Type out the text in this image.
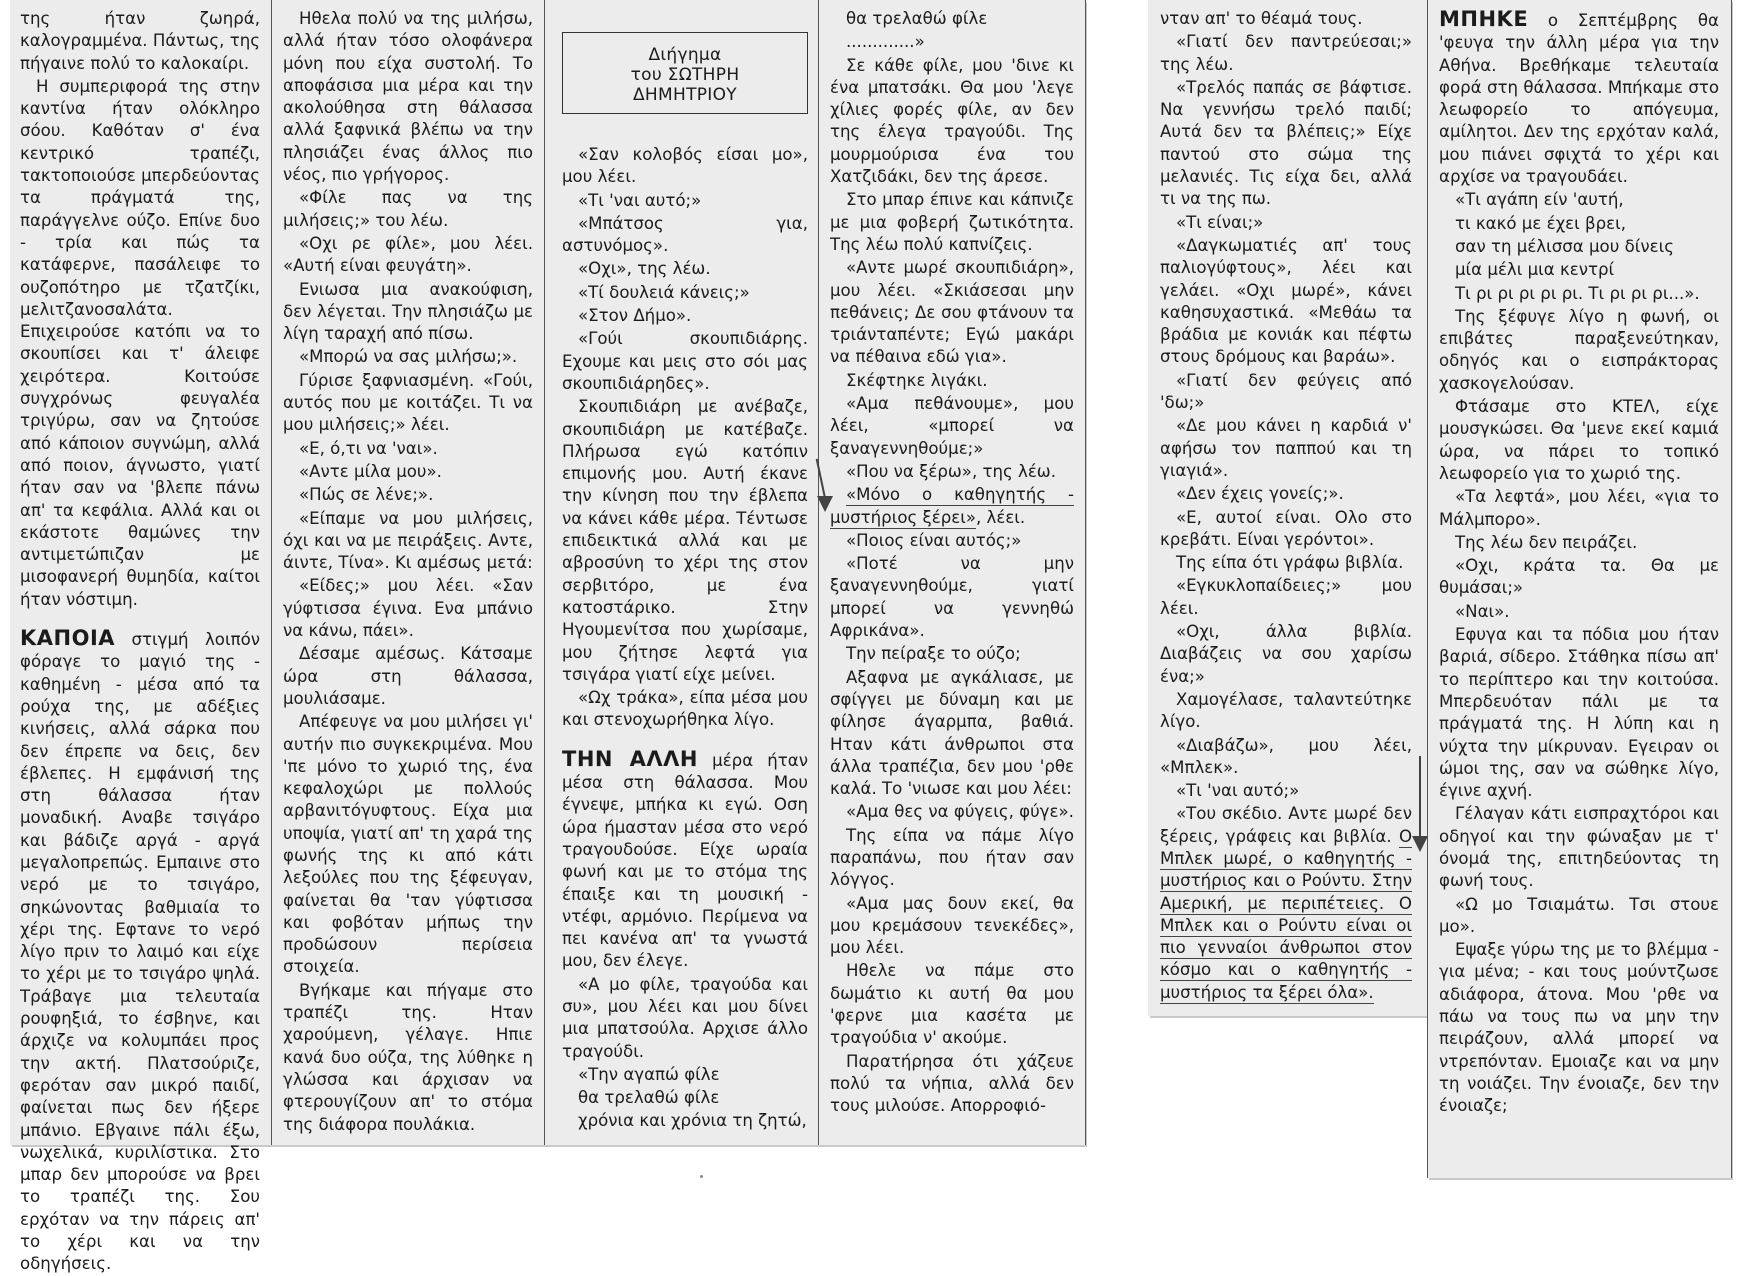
της ήταν ζωηρά, καλογραμμένα. Πάντως, της πήγαινε πολύ το καλοκαίρι.

Η συμπεριφορά της στην καντίνα ήταν ολόκληρο σόου. Καθόταν σ' ένα κεντρικό τραπέζι, τακτοποιούσε μπερδεύοντας τα πράγματά της, παράγγελνε ούζο. Επίνε δυο - τρία και πώς τα κατάφερνε, πασάλειφε το ουζοπότηρο με τζατζίκι, μελιτζανοσαλάτα. Επιχειρούσε κατόπι να το σκουπίσει και τ' άλειφε χειρότερα. Κοιτούσε συγχρόνως φευγαλέα τριγύρω, σαν να ζητούσε από κάποιον συγνώμη, αλλά από ποιον, άγνωστο, γιατί ήταν σαν να 'βλεπε πάνω απ' τα κεφάλια. Αλλά και οι εκάστοτε θαμώνες την αντιμετώπιζαν με μισοφανερή θυμηδία, καίτοι ήταν νόστιμη.

ΚΑΠΟΙΑ στιγμή λοιπόν φόραγε το μαγιό της - καθημένη - μέσα από τα ρούχα της, με αδέξιες κινήσεις, αλλά σάρκα που δεν έπρεπε να δεις, δεν έβλεπες. Η εμφάνισή της στη θάλασσα ήταν μοναδική. Αναβε τσιγάρο και βάδιζε αργά - αργά μεγαλοπρεπώς. Εμπαινε στο νερό με το τσιγάρο, σηκώνοντας βαθμιαία το χέρι της. Εφτανε το νερό λίγο πριν το λαιμό και είχε το χέρι με το τσιγάρο ψηλά. Τράβαγε μια τελευταία ρουφηξιά, το έσβηνε, και άρχιζε να κολυμπάει προς την ακτή. Πλατσούριζε, φερόταν σαν μικρό παιδί, φαίνεται πως δεν ήξερε μπάνιο. Εβγαινε πάλι έξω, νωχελικά, κυριλίστικα. Στο μπαρ δεν μπορούσε να βρει το τραπέζι της. Σου ερχόταν να την πάρεις απ' το χέρι και να την οδηγήσεις.

Ηθελα πολύ να της μιλήσω, αλλά ήταν τόσο ολοφάνερα μόνη που είχα συστολή. Το αποφάσισα μια μέρα και την ακολούθησα στη θάλασσα αλλά ξαφνικά βλέπω να την πλησιάζει ένας άλλος πιο νέος, πιο γρήγορος.

«Φίλε πας να της μιλήσεις;» του λέω.

«Οχι ρε φίλε», μου λέει. «Αυτή είναι φευγάτη».

Ενιωσα μια ανακούφιση, δεν λέγεται. Την πλησιάζω με λίγη ταραχή από πίσω.

«Μπορώ να σας μιλήσω;».

Γύρισε ξαφνιασμένη. «Γούι, αυτός που με κοιτάζει. Τι να μου μιλήσεις;» λέει.

«Ε, ό,τι να 'ναι».

«Αντε μίλα μου».

«Πώς σε λένε;».

«Είπαμε να μου μιλήσεις, όχι και να με πειράξεις. Αντε, άιντε, Τίνα». Κι αμέσως μετά:

«Είδες;» μου λέει. «Σαν γύφτισσα έγινα. Ενα μπάνιο να κάνω, πάει».

Δέσαμε αμέσως. Κάτσαμε ώρα στη θάλασσα, μουλιάσαμε.

Απέφευγε να μου μιλήσει γι' αυτήν πιο συγκεκριμένα. Μου 'πε μόνο το χωριό της, ένα κεφαλοχώρι με πολλούς αρβανιτόγυφτους. Είχα μια υποψία, γιατί απ' τη χαρά της φωνής της κι από κάτι λεξούλες που της ξέφευγαν, φαίνεται θα 'ταν γύφτισσα και φοβόταν μήπως την προδώσουν περίσεια στοιχεία.

Βγήκαμε και πήγαμε στο τραπέζι της. Ηταν χαρούμενη, γέλαγε. Ηπιε κανά δυο ούζα, της λύθηκε η γλώσσα και άρχισαν να φτερουγίζουν απ' το στόμα της διάφορα πουλάκια.

Διήγημα
του ΣΩΤΗΡΗ
ΔΗΜΗΤΡΙΟΥ

«Σαν κολοβός είσαι μο», μου λέει.

«Τι 'ναι αυτό;»

«Μπάτσος για, αστυνόμος».

«Οχι», της λέω.

«Τί δουλειά κάνεις;»

«Στον Δήμο».

«Γούι σκουπιδιάρης. Εχουμε και μεις στο σόι μας σκουπιδιάρηδες».

Σκουπιδιάρη με ανέβαζε, σκουπιδιάρη με κατέβαζε. Πλήρωσα εγώ κατόπιν επιμονής μου. Αυτή έκανε την κίνηση που την έβλεπα να κάνει κάθε μέρα. Τέντωσε επιδεικτικά αλλά και με αβροσύνη το χέρι της στον σερβιτόρο, με ένα κατοστάρικο. Στην Ηγουμενίτσα που χωρίσαμε, μου ζήτησε λεφτά για τσιγάρα γιατί είχε μείνει.

«Ωχ τράκα», είπα μέσα μου και στενοχωρήθηκα λίγο.

ΤΗΝ ΑΛΛΗ μέρα ήταν μέσα στη θάλασσα. Μου έγνεψε, μπήκα κι εγώ. Οση ώρα ήμασταν μέσα στο νερό τραγουδούσε. Είχε ωραία φωνή και με το στόμα της έπαιξε και τη μουσική - ντέφι, αρμόνιο. Περίμενα να πει κανένα απ' τα γνωστά μου, δεν έλεγε.

«Α μο φίλε, τραγούδα και συ», μου λέει και μου δίνει μια μπατσούλα. Αρχισε άλλο τραγούδι.

«Την αγαπώ φίλε

θα τρελαθώ φίλε

χρόνια και χρόνια τη ζητώ,

θα τρελαθώ φίλε

.............»

Σε κάθε φίλε, μου 'δινε κι ένα μπατσάκι. Θα μου 'λεγε χίλιες φορές φίλε, αν δεν της έλεγα τραγούδι. Της μουρμούρισα ένα του Χατζιδάκι, δεν της άρεσε.

Στο μπαρ έπινε και κάπνιζε με μια φοβερή ζωτικότητα. Της λέω πολύ καπνίζεις.

«Αντε μωρέ σκουπιδιάρη», μου λέει. «Σκιάσεσαι μην πεθάνεις; Δε σου φτάνουν τα τριάνταπέντε; Εγώ μακάρι να πέθαινα εδώ για».

Σκέφτηκε λιγάκι.

«Αμα πεθάνουμε», μου λέει, «μπορεί να ξαναγεννηθούμε;»

«Που να ξέρω», της λέω.

«Μόνο ο καθηγητής - μυστήριος ξέρει», λέει.

«Ποιος είναι αυτός;»

«Ποτέ να μην ξαναγεννηθούμε, γιατί μπορεί να γεννηθώ Αφρικάνα».

Την πείραξε το ούζο;

Αξαφνα με αγκάλιασε, με σφίγγει με δύναμη και με φίλησε άγαρμπα, βαθιά. Ηταν κάτι άνθρωποι στα άλλα τραπέζια, δεν μου 'ρθε καλά. Το 'νιωσε και μου λέει:

«Αμα θες να φύγεις, φύγε».

Της είπα να πάμε λίγο παραπάνω, που ήταν σαν λόγγος.

«Αμα μας δουν εκεί, θα μου κρεμάσουν τενεκέδες», μου λέει.

Ηθελε να πάμε στο δωμάτιο κι αυτή θα μου 'φερνε μια κασέτα με τραγούδια ν' ακούμε.

Παρατήρησα ότι χάζευε πολύ τα νήπια, αλλά δεν τους μιλούσε. Απορροφιό-

νταν απ' το θέαμά τους.

«Γιατί δεν παντρεύεσαι;» της λέω.

«Τρελός παπάς σε βάφτισε. Να γεννήσω τρελό παιδί; Αυτά δεν τα βλέπεις;» Είχε παντού στο σώμα της μελανιές. Τις είχα δει, αλλά τι να της πω.

«Τι είναι;»

«Δαγκωματιές απ' τους παλιογύφτους», λέει και γελάει. «Οχι μωρέ», κάνει καθησυχαστικά. «Μεθάω τα βράδια με κονιάκ και πέφτω στους δρόμους και βαράω».

«Γιατί δεν φεύγεις από 'δω;»

«Δε μου κάνει η καρδιά ν' αφήσω τον παππού και τη γιαγιά».

«Δεν έχεις γονείς;».

«Ε, αυτοί είναι. Ολο στο κρεβάτι. Είναι γερόντοι».

Της είπα ότι γράφω βιβλία.

«Εγκυκλοπαίδειες;» μου λέει.

«Οχι, άλλα βιβλία. Διαβάζεις να σου χαρίσω ένα;»

Χαμογέλασε, ταλαντεύτηκε λίγο.

«Διαβάζω», μου λέει, «Μπλεκ».

«Τι 'ναι αυτό;»

«Του σκέδιο. Αντε μωρέ δεν ξέρεις, γράφεις και βιβλία. Ο Μπλεκ μωρέ, ο καθηγητής - μυστήριος και ο Ρούντυ. Στην Αμερική, με περιπέτειες. Ο Μπλεκ και ο Ρούντυ είναι οι πιο γενναίοι άνθρωποι στον κόσμο και ο καθηγητής - μυστήριος τα ξέρει όλα».

ΜΠΗΚΕ ο Σεπτέμβρης θα 'φευγα την άλλη μέρα για την Αθήνα. Βρεθήκαμε τελευταία φορά στη θάλασσα. Μπήκαμε στο λεωφορείο το απόγευμα, αμίλητοι. Δεν της ερχόταν καλά, μου πιάνει σφιχτά το χέρι και αρχίσε να τραγουδάει.

«Τι αγάπη είν 'αυτή,

τι κακό με έχει βρει,

σαν τη μέλισσα μου δίνεις

μία μέλι μια κεντρί

Τι ρι ρι ρι ρι ρι. Τι ρι ρι ρι...».

Της ξέφυγε λίγο η φωνή, οι επιβάτες παραξενεύτηκαν, οδηγός και ο εισπράκτορας χασκογελούσαν.

Φτάσαμε στο ΚΤΕΛ, είχε μουσγκώσει. Θα 'μενε εκεί καμιά ώρα, να πάρει το τοπικό λεωφορείο για το χωριό της.

«Τα λεφτά», μου λέει, «για το Μάλμπορο».

Της λέω δεν πειράζει.

«Οχι, κράτα τα. Θα με θυμάσαι;»

«Ναι».

Εφυγα και τα πόδια μου ήταν βαριά, σίδερο. Στάθηκα πίσω απ' το περίπτερο και την κοιτούσα. Μπερδευόταν πάλι με τα πράγματά της. Η λύπη και η νύχτα την μίκρυναν. Εγειραν οι ώμοι της, σαν να σώθηκε λίγο, έγινε αχνή.

Γέλαγαν κάτι εισπραχτόροι και οδηγοί και την φώναξαν με τ' όνομά της, επιτηδεύοντας τη φωνή τους.

«Ω μο Τσιαμάτω. Τσι στουε μο».

Εψαξε γύρω της με το βλέμμα - για μένα; - και τους μούντζωσε αδιάφορα, άτονα. Μου 'ρθε να πάω να τους πω να μην την πειράζουν, αλλά μπορεί να ντρεπόνταν. Εμοιαζε και να μην τη νοιάζει. Την ένοιαζε, δεν την ένοιαζε;
